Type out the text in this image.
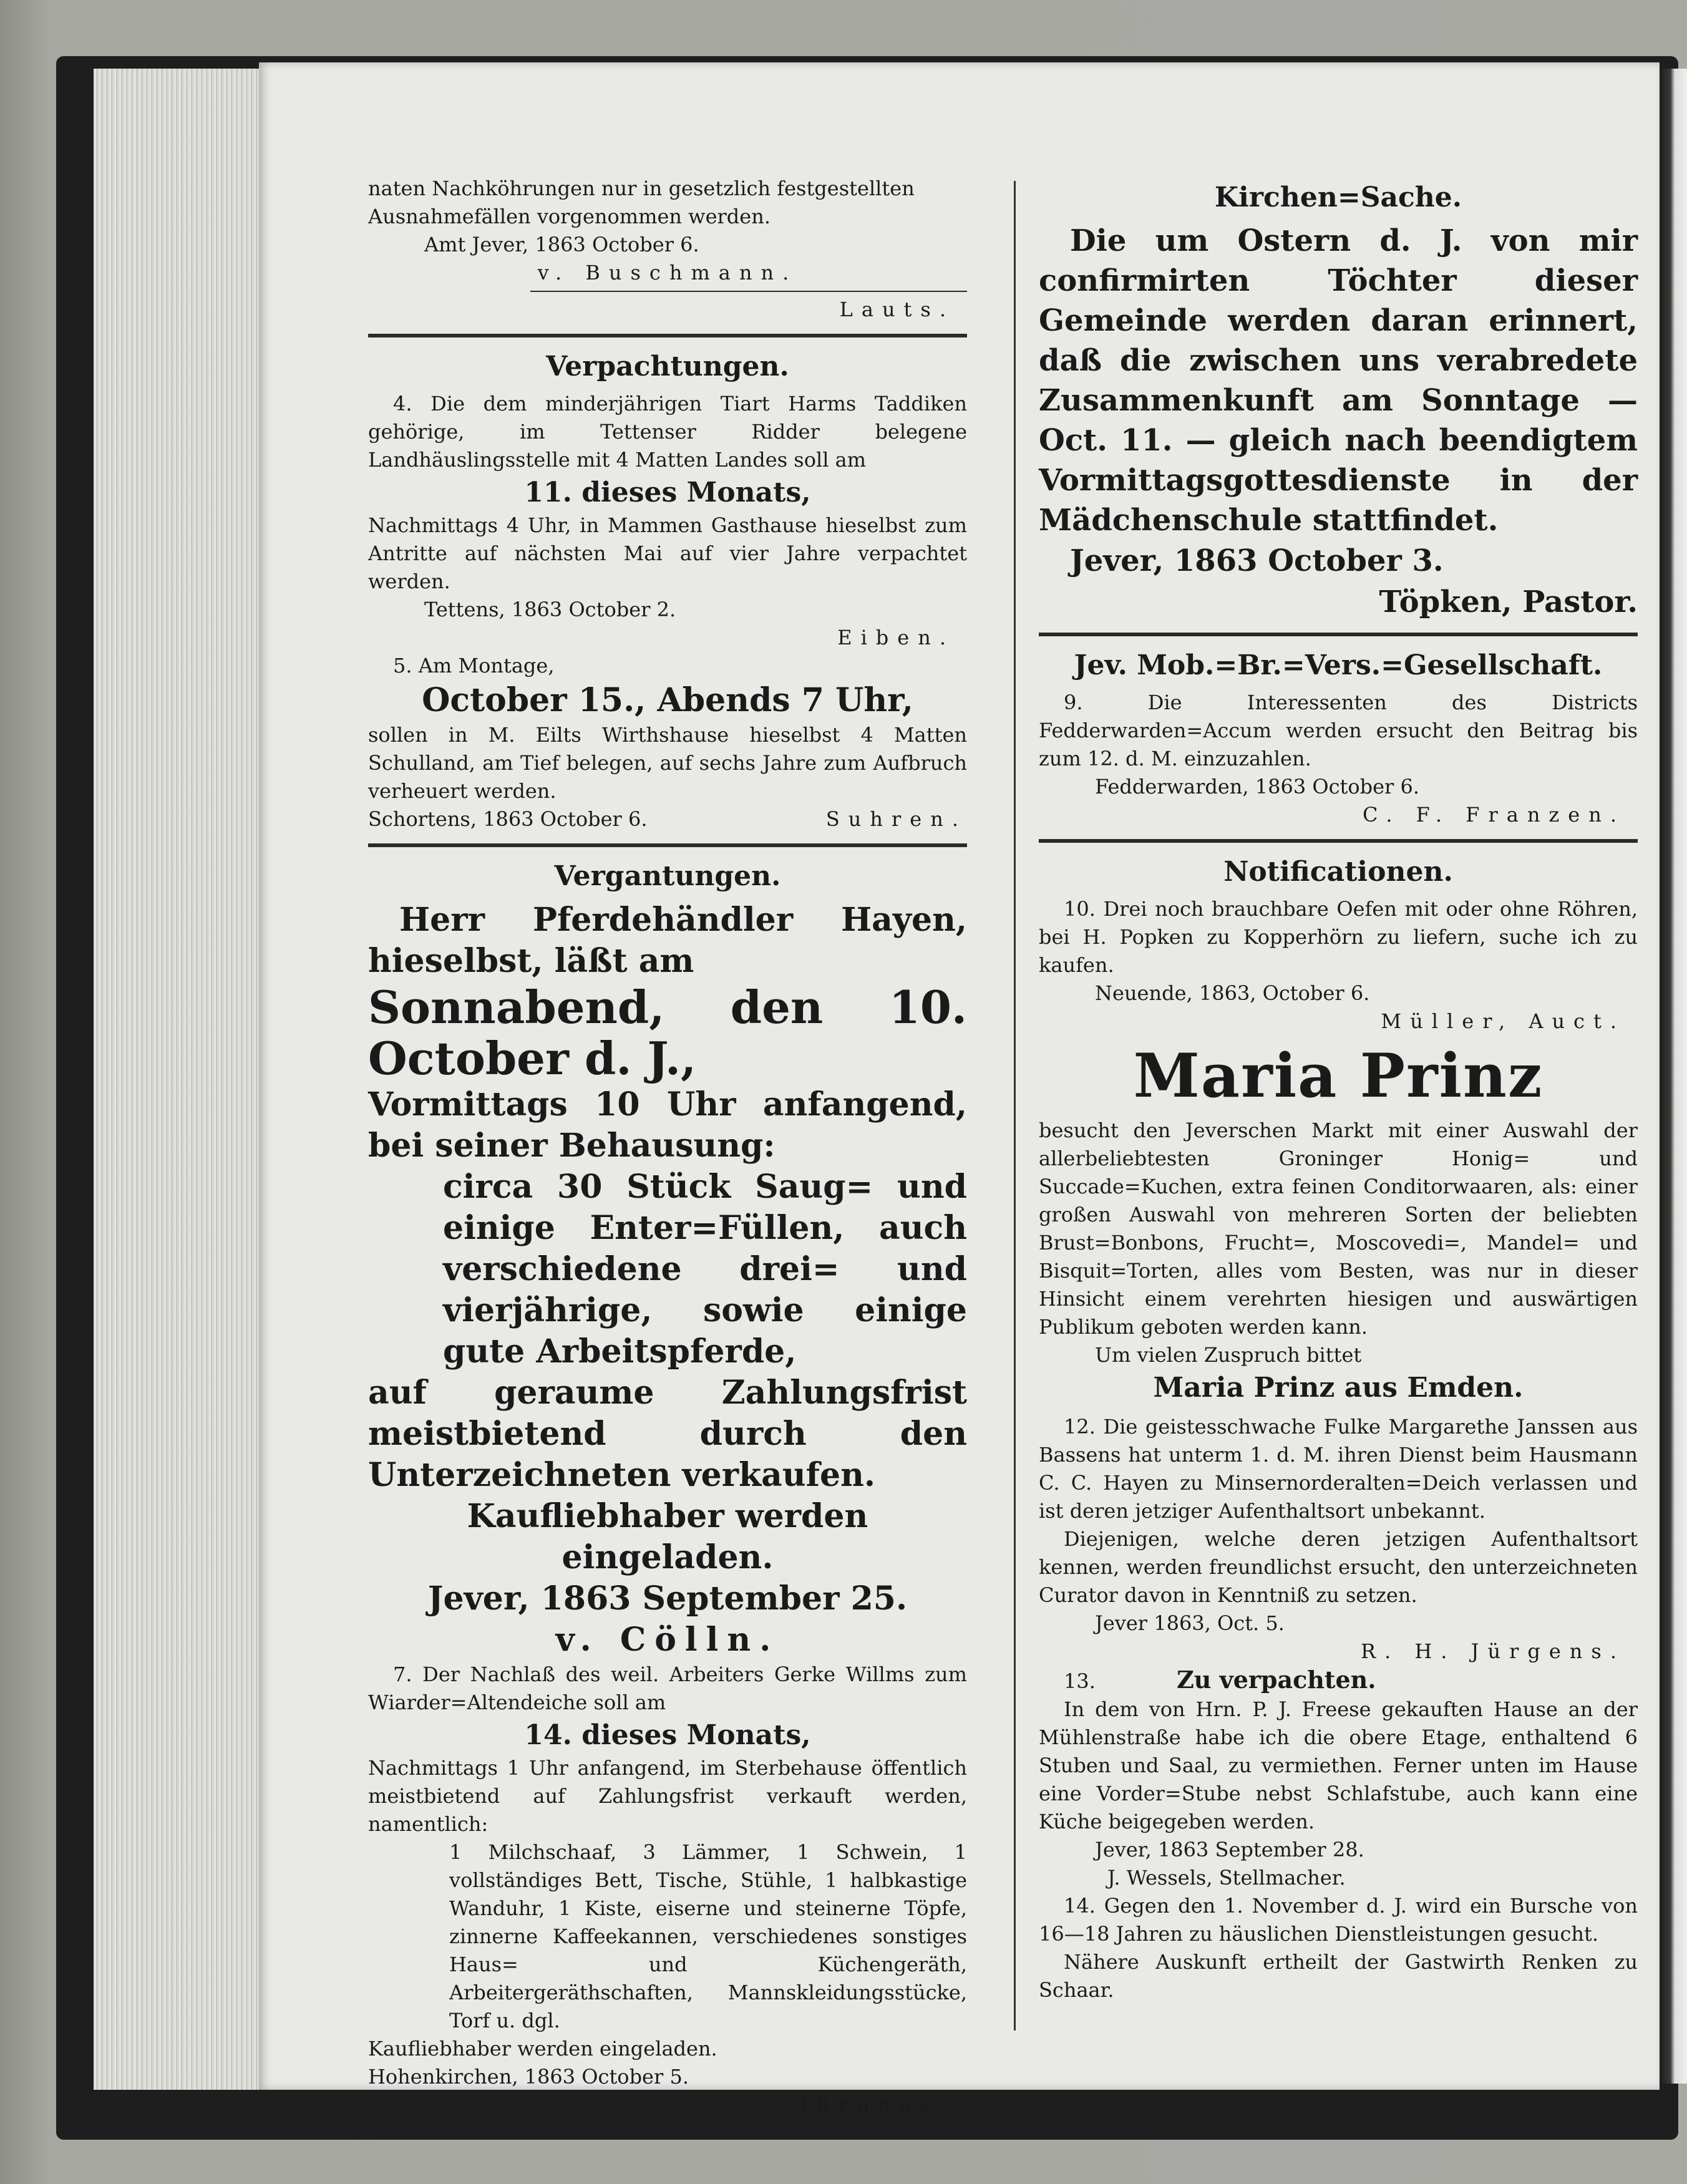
naten Nachköhrungen nur in gesetzlich festgestellten

Ausnahmefällen vorgenommen werden.

Amt Jever, 1863 October 6.

v. Buschmann.

Lauts.

Verpachtungen.

4. Die dem minderjährigen Tiart Harms Taddiken gehörige, im Tettenser Ridder belegene Landhäuslingsstelle mit 4 Matten Landes soll am

11. dieses Monats,

Nachmittags 4 Uhr, in Mammen Gasthause hieselbst zum Antritte auf nächsten Mai auf vier Jahre verpachtet werden.

Tettens, 1863 October 2.

Eiben.

5. Am Montage,

October 15., Abends 7 Uhr,

sollen in M. Eilts Wirthshause hieselbst 4 Matten Schulland, am Tief belegen, auf sechs Jahre zum Aufbruch verheuert werden.

Schortens, 1863 October 6.	Suhren.

Vergantungen.

Herr Pferdehändler Hayen, hieselbst, läßt am

Sonnabend, den 10. October d. J.,

Vormittags 10 Uhr anfangend, bei seiner Behausung:

circa 30 Stück Saug= und einige Enter=Füllen, auch verschiedene drei= und vierjährige, sowie einige gute Arbeitspferde,

auf geraume Zahlungsfrist meistbietend durch den Unterzeichneten verkaufen.

Kaufliebhaber werden eingeladen.

Jever, 1863 September 25.

v. Cölln.

7. Der Nachlaß des weil. Arbeiters Gerke Willms zum Wiarder=Altendeiche soll am

14. dieses Monats,

Nachmittags 1 Uhr anfangend, im Sterbehause öffentlich meistbietend auf Zahlungsfrist verkauft werden, namentlich:

1 Milchschaaf, 3 Lämmer, 1 Schwein, 1 vollständiges Bett, Tische, Stühle, 1 halbkastige Wanduhr, 1 Kiste, eiserne und steinerne Töpfe, zinnerne Kaffeekannen, verschiedenes sonstiges Haus= und Küchengeräth, Arbeitergeräthschaften, Mannskleidungsstücke, Torf u. dgl.

Kaufliebhaber werden eingeladen.

Hohenkirchen, 1863 October 5.

Jürgens.

Kirchen=Sache.

Die um Ostern d. J. von mir confirmirten Töchter dieser Gemeinde werden daran erinnert, daß die zwischen uns verabredete Zusammenkunft am Sonntage — Oct. 11. — gleich nach beendigtem Vormittagsgottesdienste in der Mädchenschule stattfindet.

Jever, 1863 October 3.

Töpken, Pastor.

Jev. Mob.=Br.=Vers.=Gesellschaft.

9. Die Interessenten des Districts Fedderwarden=Accum werden ersucht den Beitrag bis zum 12. d. M. einzuzahlen.

Fedderwarden, 1863 October 6.

C. F. Franzen.

Notificationen.

10. Drei noch brauchbare Oefen mit oder ohne Röhren, bei H. Popken zu Kopperhörn zu liefern, suche ich zu kaufen.

Neuende, 1863, October 6.

Müller, Auct.

Maria Prinz

besucht den Jeverschen Markt mit einer Auswahl der allerbeliebtesten Groninger Honig= und Succade=Kuchen, extra feinen Conditorwaaren, als: einer großen Auswahl von mehreren Sorten der beliebten Brust=Bonbons, Frucht=, Moscovedi=, Mandel= und Bisquit=Torten, alles vom Besten, was nur in dieser Hinsicht einem verehrten hiesigen und auswärtigen Publikum geboten werden kann.

Um vielen Zuspruch bittet

Maria Prinz aus Emden.

12. Die geistesschwache Fulke Margarethe Janssen aus Bassens hat unterm 1. d. M. ihren Dienst beim Hausmann C. C. Hayen zu Minsernorderalten=Deich verlassen und ist deren jetziger Aufenthaltsort unbekannt.

Diejenigen, welche deren jetzigen Aufenthaltsort kennen, werden freundlichst ersucht, den unterzeichneten Curator davon in Kenntniß zu setzen.

Jever 1863, Oct. 5.

R. H. Jürgens.

13.	Zu verpachten.

In dem von Hrn. P. J. Freese gekauften Hause an der Mühlenstraße habe ich die obere Etage, enthaltend 6 Stuben und Saal, zu vermiethen. Ferner unten im Hause eine Vorder=Stube nebst Schlafstube, auch kann eine Küche beigegeben werden.

Jever, 1863 September 28.

J. Wessels, Stellmacher.

14. Gegen den 1. November d. J. wird ein Bursche von 16—18 Jahren zu häuslichen Dienstleistungen gesucht.

Nähere Auskunft ertheilt der Gastwirth Renken zu Schaar.
